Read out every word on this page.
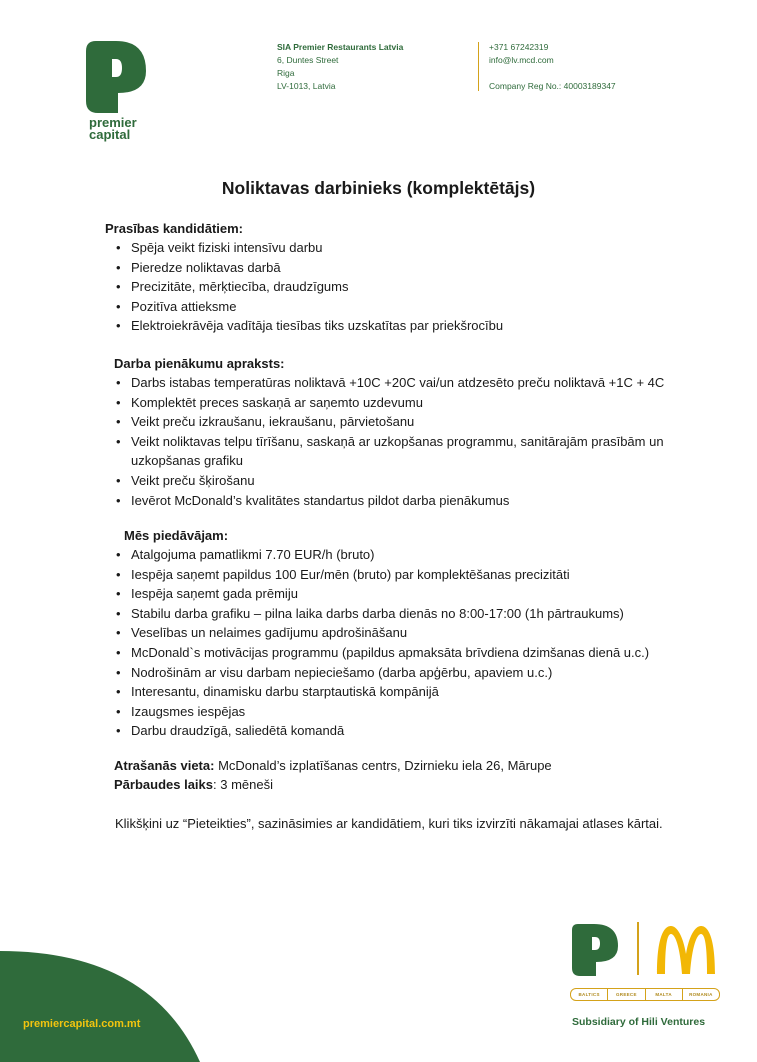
premier
capital
SIA Premier Restaurants Latvia
6, Duntes Street
Riga
LV-1013, Latvia
+371 67242319
info@lv.mcd.com
Company Reg No.: 40003189347
Noliktavas darbinieks (komplektētājs)
Prasības kandidātiem:
• Spēja veikt fiziski intensīvu darbu
• Pieredze noliktavas darbā
• Precizitāte, mērķtiecība, draudzīgums
• Pozitīva attieksme
• Elektroiekrāvēja vadītāja tiesības tiks uzskatītas par priekšrocību
Darba pienākumu apraksts:
• Darbs istabas temperatūras noliktavā +10C +20C vai/un atdzesēto preču noliktavā +1C + 4C
• Komplektēt preces saskaņā ar saņemto uzdevumu
• Veikt preču izkraušanu, iekraušanu, pārvietošanu
• Veikt noliktavas telpu tīrīšanu, saskaņā ar uzkopšanas programmu, sanitārajām prasībām un uzkopšanas grafiku
• Veikt preču šķirošanu
• Ievērot McDonald’s kvalitātes standartus pildot darba pienākumus
Mēs piedāvājam:
• Atalgojuma pamatlikmi 7.70 EUR/h (bruto)
• Iespēja saņemt papildus 100 Eur/mēn (bruto) par komplektēšanas precizitāti
• Iespēja saņemt gada prēmiju
• Stabilu darba grafiku – pilna laika darbs darba dienās no 8:00-17:00 (1h pārtraukums)
• Veselības un nelaimes gadījumu apdrošināšanu
• McDonald`s motivācijas programmu (papildus apmaksāta brīvdiena dzimšanas dienā u.c.)
• Nodrošinām ar visu darbam nepieciešamo (darba apģērbu, apaviem u.c.)
• Interesantu, dinamisku darbu starptautiskā kompānijā
• Izaugsmes iespējas
• Darbu draudzīgā, saliedētā komandā
Atrašanās vieta: McDonald’s izplatīšanas centrs, Dzirnieku iela 26, Mārupe
Pārbaudes laiks: 3 mēneši
Klikšķini uz “Pieteikties”, sazināsimies ar kandidātiem, kuri tiks izvirzīti nākamajai atlases kārtai.
premiercapital.com.mt
BALTICS	GREECE	MALTA	ROMANIA
Subsidiary of Hili Ventures
